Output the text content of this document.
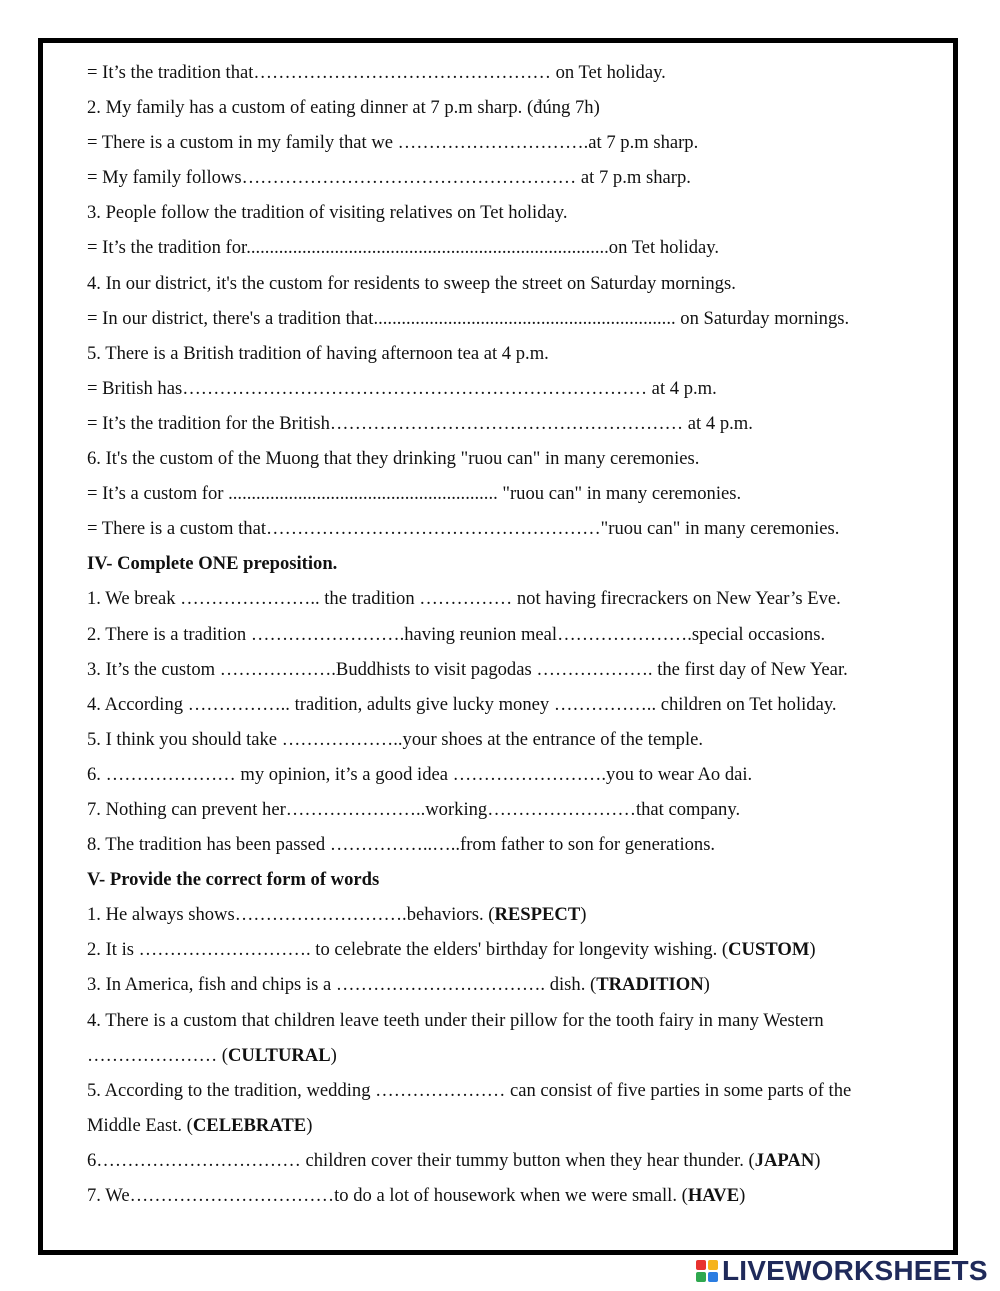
= It’s the tradition that………………………………………… on Tet holiday.
2. My family has a custom of eating dinner at 7 p.m sharp. (đúng 7h)
= There is a custom in my family that we ………………………….at 7 p.m sharp.
= My family follows……………………………………………… at 7 p.m sharp.
3. People follow the tradition of visiting relatives on Tet holiday.
= It’s the tradition for..............................................................................on Tet holiday.
4. In our district, it's the custom for residents to sweep the street on Saturday mornings.
= In our district, there's a tradition that................................................................. on Saturday mornings.
5. There is a British tradition of having afternoon tea at 4 p.m.
= British has………………………………………………………………… at 4 p.m.
= It’s the tradition for the British………………………………………………… at 4 p.m.
6. It's the custom of the Muong that they drinking "ruou can" in many ceremonies.
= It’s a custom for .......................................................... "ruou can" in many ceremonies.
= There is a custom that………………………………………………"ruou can" in many ceremonies.
IV- Complete ONE preposition.
1. We break ………………….. the tradition …………… not having firecrackers on New Year’s Eve.
2. There is a tradition …………………….having reunion meal………………….special occasions.
3. It’s the custom ……………….Buddhists to visit pagodas ………………. the first day of New Year.
4. According …………….. tradition, adults give lucky money …………….. children on Tet holiday.
5. I think you should take ………………..your shoes at the entrance of the temple.
6. ………………… my opinion, it’s a good idea …………………….you to wear Ao dai.
7. Nothing can prevent her…………………..working……………………that company.
8. The tradition has been passed ……………..…..from father to son for generations.
V- Provide the correct form of words
1. He always shows……………………….behaviors. (RESPECT)
2. It is ………………………. to celebrate the elders' birthday for longevity wishing. (CUSTOM)
3. In America, fish and chips is a ……………………………. dish. (TRADITION)
4. There is a custom that children leave teeth under their pillow for the tooth fairy in many Western
………………… (CULTURAL)
5. According to the tradition, wedding ………………… can consist of five parties in some parts of the
Middle East. (CELEBRATE)
6…………………………… children cover their tummy button when they hear thunder. (JAPAN)
7. We……………………………to do a lot of housework when we were small. (HAVE)
LIVEWORKSHEETS
